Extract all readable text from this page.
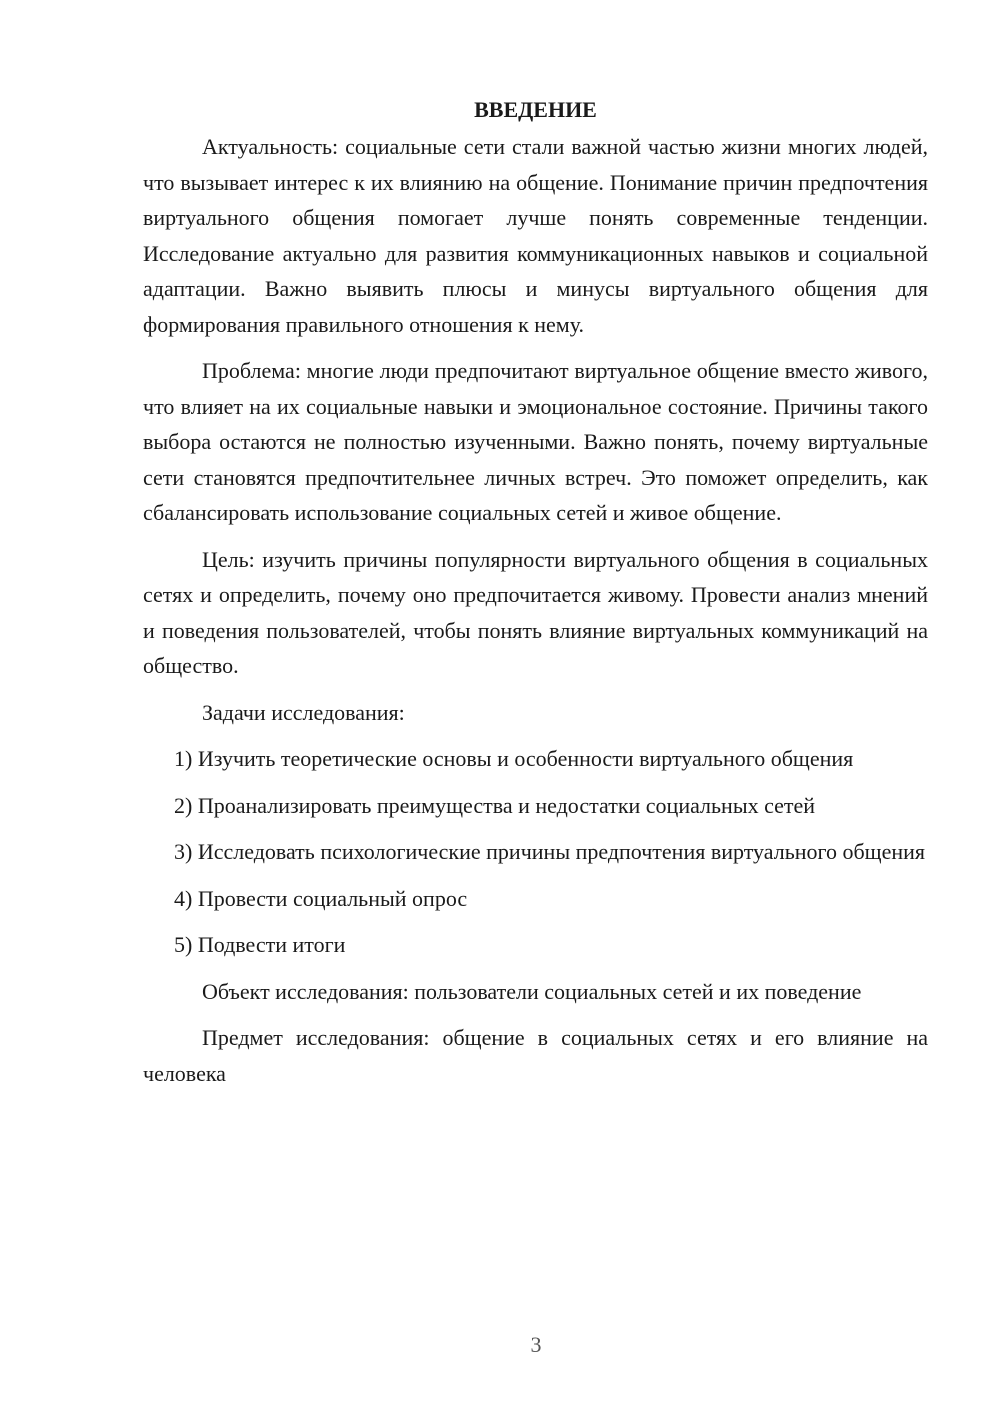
ВВЕДЕНИЕ

Актуальность: социальные сети стали важной частью жизни многих людей, что вызывает интерес к их влиянию на общение. Понимание причин предпочтения виртуального общения помогает лучше понять современные тенденции. Исследование актуально для развития коммуникационных навыков и социальной адаптации. Важно выявить плюсы и минусы виртуального общения для формирования правильного отношения к нему.

Проблема: многие люди предпочитают виртуальное общение вместо живого, что влияет на их социальные навыки и эмоциональное состояние. Причины такого выбора остаются не полностью изученными. Важно понять, почему виртуальные сети становятся предпочтительнее личных встреч. Это поможет определить, как сбалансировать использование социальных сетей и живое общение.

Цель: изучить причины популярности виртуального общения в социальных сетях и определить, почему оно предпочитается живому. Провести анализ мнений и поведения пользователей, чтобы понять влияние виртуальных коммуникаций на общество.

Задачи исследования:

1) Изучить теоретические основы и особенности виртуального общения

2) Проанализировать преимущества и недостатки социальных сетей

3) Исследовать психологические причины предпочтения виртуального общения

4) Провести социальный опрос

5) Подвести итоги

Объект исследования: пользователи социальных сетей и их поведение

Предмет исследования: общение в социальных сетях и его влияние на человека

3
